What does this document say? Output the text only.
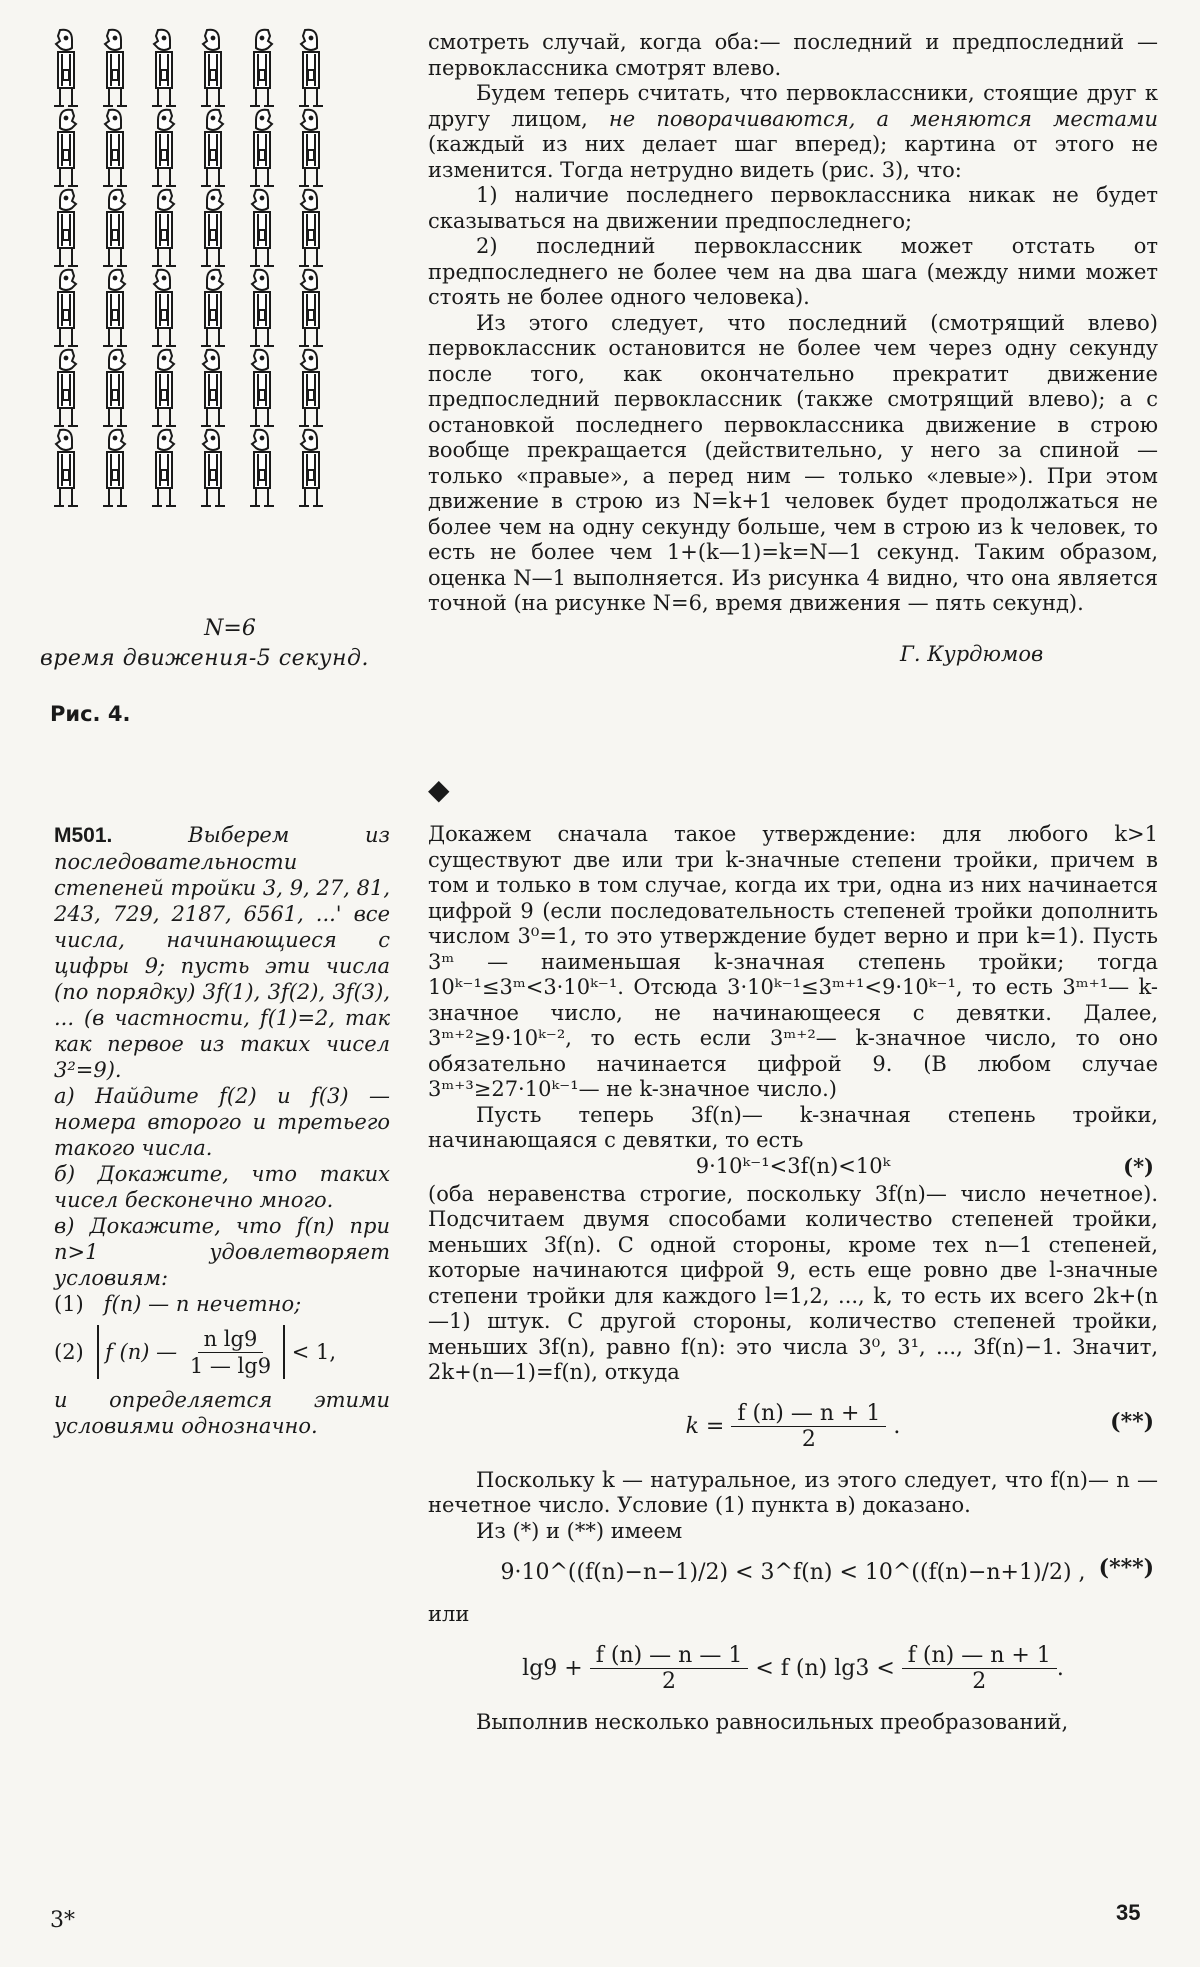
N=6
время движения-5 секунд.
Рис. 4.

смотреть случай, когда оба:— последний и предпоследний — первоклассника смотрят влево.

Будем теперь считать, что первоклассники, стоящие друг к другу лицом, не поворачиваются, а меняются местами (каждый из них делает шаг вперед); картина от этого не изменится. Тогда нетрудно видеть (рис. 3), что:

1) наличие последнего первоклассника никак не будет сказываться на движении предпоследнего;

2) последний первоклассник может отстать от предпоследнего не более чем на два шага (между ними может стоять не более одного человека).

Из этого следует, что последний (смотрящий влево) первоклассник остановится не более чем через одну секунду после того, как окончательно прекратит движение предпоследний первоклассник (также смотрящий влево); а с остановкой последнего первоклассника движение в строю вообще прекращается (действительно, у него за спиной — только «правые», а перед ним — только «левые»). При этом движение в строю из N=k+1 человек будет продолжаться не более чем на одну секунду больше, чем в строю из k человек, то есть не более чем 1+(k—1)=k=N—1 секунд. Таким образом, оценка N—1 выполняется. Из рисунка 4 видно, что она является точной (на рисунке N=6, время движения — пять секунд).

Г. Курдюмов
◆

М501.	Выберем из последовательности степеней тройки 3, 9, 27, 81, 243, 729, 2187, 6561, ...' все числа, начинающиеся с цифры 9; пусть эти числа (по порядку) 3f(1), 3f(2), 3f(3), ... (в частности, f(1)=2, так как первое из таких чисел 3²=9).

а) Найдите f(2) и f(3) — номера второго и третьего такого числа.

б) Докажите, что таких чисел бесконечно много.

в) Докажите, что f(n) при n>1 удовлетворяет условиям:

(1) f(n) — n нечетно;

(2)
f (n) —
$\frac{\text{n lg9}}{1 — \lg 9}$
< 1,

и определяется этими условиями однозначно.

Докажем сначала такое утверждение: для любого k>1 существуют две или три k-значные степени тройки, причем в том и только в том случае, когда их три, одна из них начинается цифрой 9 (если последовательность степеней тройки дополнить числом 3⁰=1, то это утверждение будет верно и при k=1). Пусть 3ᵐ — наименьшая k-значная степень тройки; тогда 10ᵏ⁻¹≤3ᵐ<3·10ᵏ⁻¹. Отсюда 3·10ᵏ⁻¹≤3ᵐ⁺¹<9·10ᵏ⁻¹, то есть 3ᵐ⁺¹— k-значное число, не начинающееся с девятки. Далее, 3ᵐ⁺²≥9·10ᵏ⁻², то есть если 3ᵐ⁺²— k-значное число, то оно обязательно начинается цифрой 9. (В любом случае 3ᵐ⁺³≥27·10ᵏ⁻¹— не k-значное число.)

Пусть теперь 3f(n)— k-значная степень тройки, начинающаяся с девятки, то есть

9·10ᵏ⁻¹<3f(n)<10ᵏ	(*)

(оба неравенства строгие, поскольку 3f(n)— число нечетное). Подсчитаем двумя способами количество степеней тройки, меньших 3f(n). С одной стороны, кроме тех n—1 степеней, которые начинаются цифрой 9, есть еще ровно две l-значные степени тройки для каждого l=1,2, ..., k, то есть их всего 2k+(n—1) штук. С другой стороны, количество степеней тройки, меньших 3f(n), равно f(n): это числа 3⁰, 3¹, ..., 3f(n)−1. Значит, 2k+(n—1)=f(n), откуда

k =
$\frac{f (n) — n + 1}{2}$ .	(**)

Поскольку k — натуральное, из этого следует, что f(n)— n — нечетное число. Условие (1) пункта в) доказано.

Из (*) и (**) имеем

9·10^((f(n)−n−1)/2) < 3^f(n) < 10^((f(n)−n+1)/2) , (***)

или

lg9 +
$\frac{f (n) — n — 1}{2}$
< f (n) lg3 <
$\frac{f (n) — n + 1}{2}$ .

Выполнив несколько равносильных преобразований,

3*	35
